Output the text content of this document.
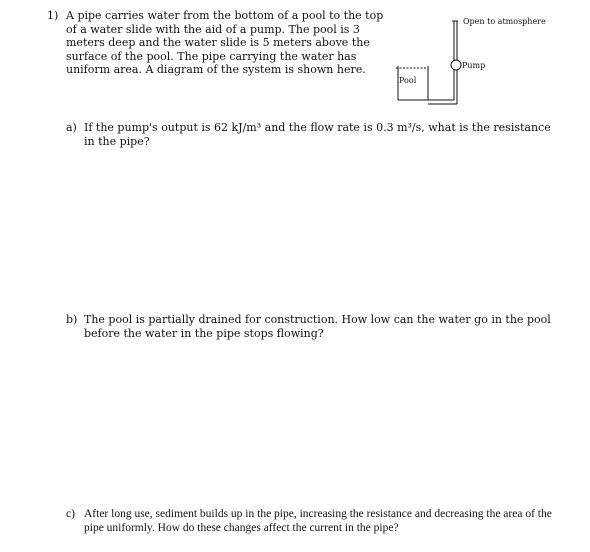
1) A pipe carries water from the bottom of a pool to the top of a water slide with the aid of a pump. The pool is 3 meters deep and the water slide is 5 meters above the surface of the pool. The pipe carrying the water has uniform area. A diagram of the system is shown here.

Open to atmosphere
Pump
Pool
a) If the pump's output is 62 kJ/m³ and the flow rate is 0.3 m³/s, what is the resistance in the pipe?
b) The pool is partially drained for construction. How low can the water go in the pool before the water in the pipe stops flowing?
c) After long use, sediment builds up in the pipe, increasing the resistance and decreasing the area of the pipe uniformly. How do these changes affect the current in the pipe?
